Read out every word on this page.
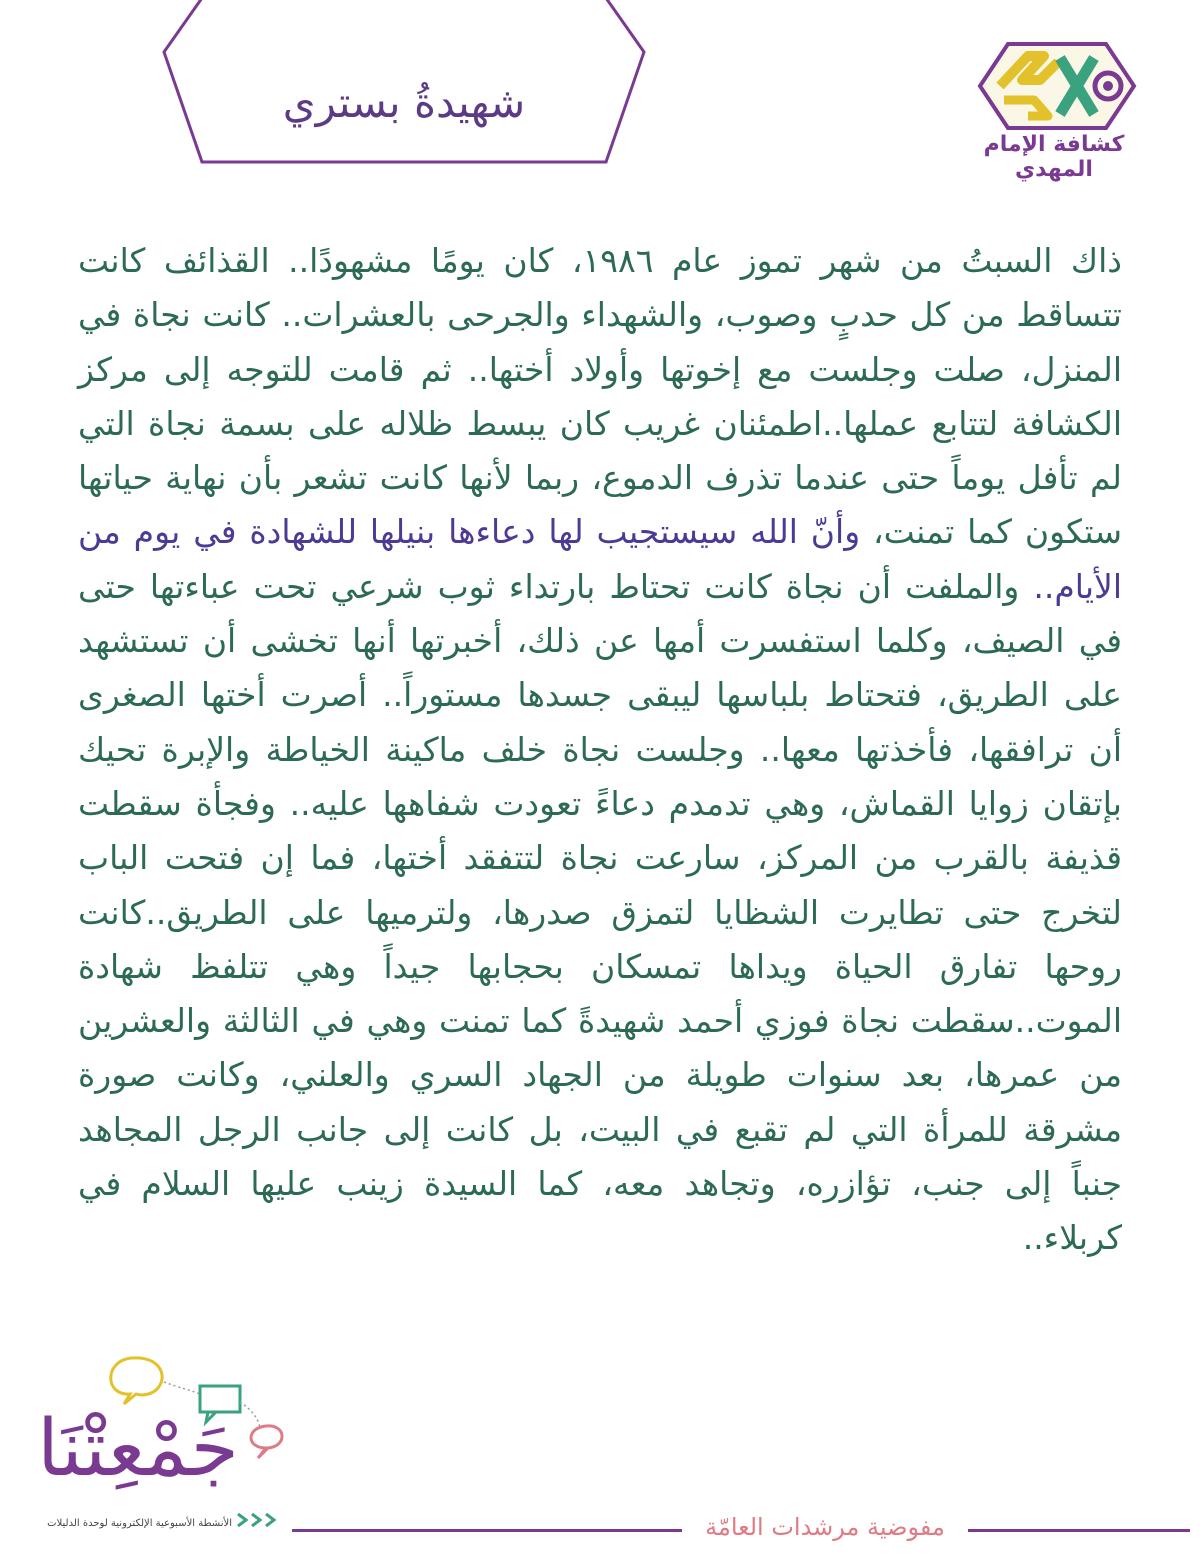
شهيدةُ بستري
كشافة الإمام المهدي
ذاك السبتُ من شهر تموز عام ١٩٨٦، كان يومًا مشهودًا.. القذائف كانت تتساقط من كل حدبٍ وصوب، والشهداء والجرحى بالعشرات.. كانت نجاة في المنزل، صلت وجلست مع إخوتها وأولاد أختها.. ثم قامت للتوجه إلى مركز الكشافة لتتابع عملها..اطمئنان غريب كان يبسط ظلاله على بسمة نجاة التي لم تأفل يوماً حتى عندما تذرف الدموع، ربما لأنها كانت تشعر بأن نهاية حياتها ستكون كما تمنت، وأنّ الله سيستجيب لها دعاءها بنيلها للشهادة في يوم من الأيام.. والملفت أن نجاة كانت تحتاط بارتداء ثوب شرعي تحت عباءتها حتى في الصيف، وكلما استفسرت أمها عن ذلك، أخبرتها أنها تخشى أن تستشهد على الطريق، فتحتاط بلباسها ليبقى جسدها مستوراً.. أصرت أختها الصغرى أن ترافقها، فأخذتها معها.. وجلست نجاة خلف ماكينة الخياطة والإبرة تحيك بإتقان زوايا القماش، وهي تدمدم دعاءً تعودت شفاهها عليه.. وفجأة سقطت قذيفة بالقرب من المركز، سارعت نجاة لتتفقد أختها، فما إن فتحت الباب لتخرج حتى تطايرت الشظايا لتمزق صدرها، ولترميها على الطريق..كانت روحها تفارق الحياة ويداها تمسكان بحجابها جيداً وهي تتلفظ شهادة الموت..سقطت نجاة فوزي أحمد شهيدةً كما تمنت وهي في الثالثة والعشرين من عمرها، بعد سنوات طويلة من الجهاد السري والعلني، وكانت صورة مشرقة للمرأة التي لم تقبع في البيت، بل كانت إلى جانب الرجل المجاهد جنباً إلى جنب، تؤازره، وتجاهد معه، كما السيدة زينب عليها السلام في كربلاء..
جَمْعِتْنَا
الأنشطة الأسبوعية الإلكترونية لوحدة الدليلات	مفوضية مرشدات العامّة
